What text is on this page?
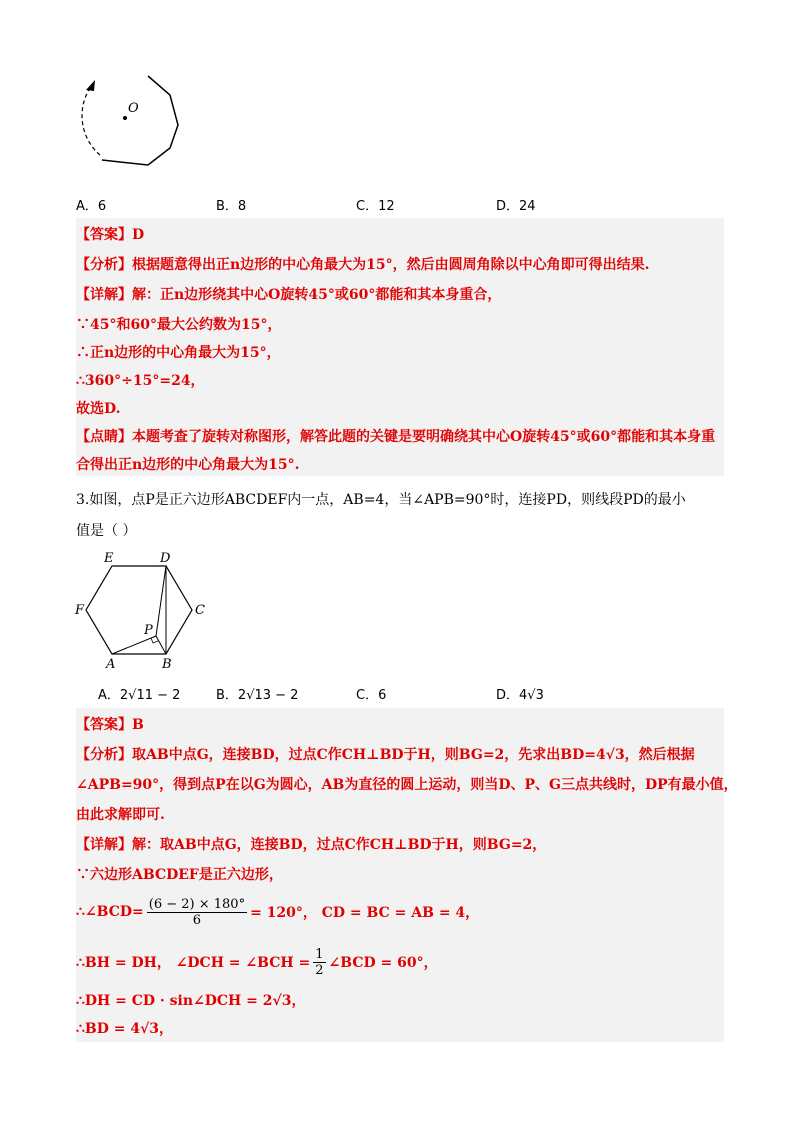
O
A．6	B．8	C．12	D．24
【答案】D
【分析】根据题意得出正n边形的中心角最大为15°，然后由圆周角除以中心角即可得出结果.
【详解】解：正n边形绕其中心O旋转45°或60°都能和其本身重合，
∵45°和60°最大公约数为15°，
∴正n边形的中心角最大为15°，
∴360°÷15°=24，
故选D.
【点睛】本题考查了旋转对称图形，解答此题的关键是要明确绕其中心O旋转45°或60°都能和其本身重
合得出正n边形的中心角最大为15°.
3.如图，点P是正六边形ABCDEF内一点，AB=4，当∠APB=90°时，连接PD，则线段PD的最小
值是（ ）
E	D
F	C
P
A	B
A．2√11 − 2	B．2√13 − 2	C．6	D．4√3
【答案】B
【分析】取AB中点G，连接BD，过点C作CH⊥BD于H，则BG=2，先求出BD=4√3，然后根据
∠APB=90°，得到点P在以G为圆心，AB为直径的圆上运动，则当D、P、G三点共线时，DP有最小值，
由此求解即可.
【详解】解：取AB中点G，连接BD，过点C作CH⊥BD于H，则BG=2，
∵六边形ABCDEF是正六边形，
∴∠BCD= $\frac{(6 - 2) \times 180^\circ}{6} = 120^\circ$， CD = BC = AB = 4，
∴BH = DH， ∠DCH = ∠BCH = $\frac{1}{2}$ ∠BCD = 60°，
∴DH = CD · sin∠DCH = 2√3，
∴BD = 4√3，
